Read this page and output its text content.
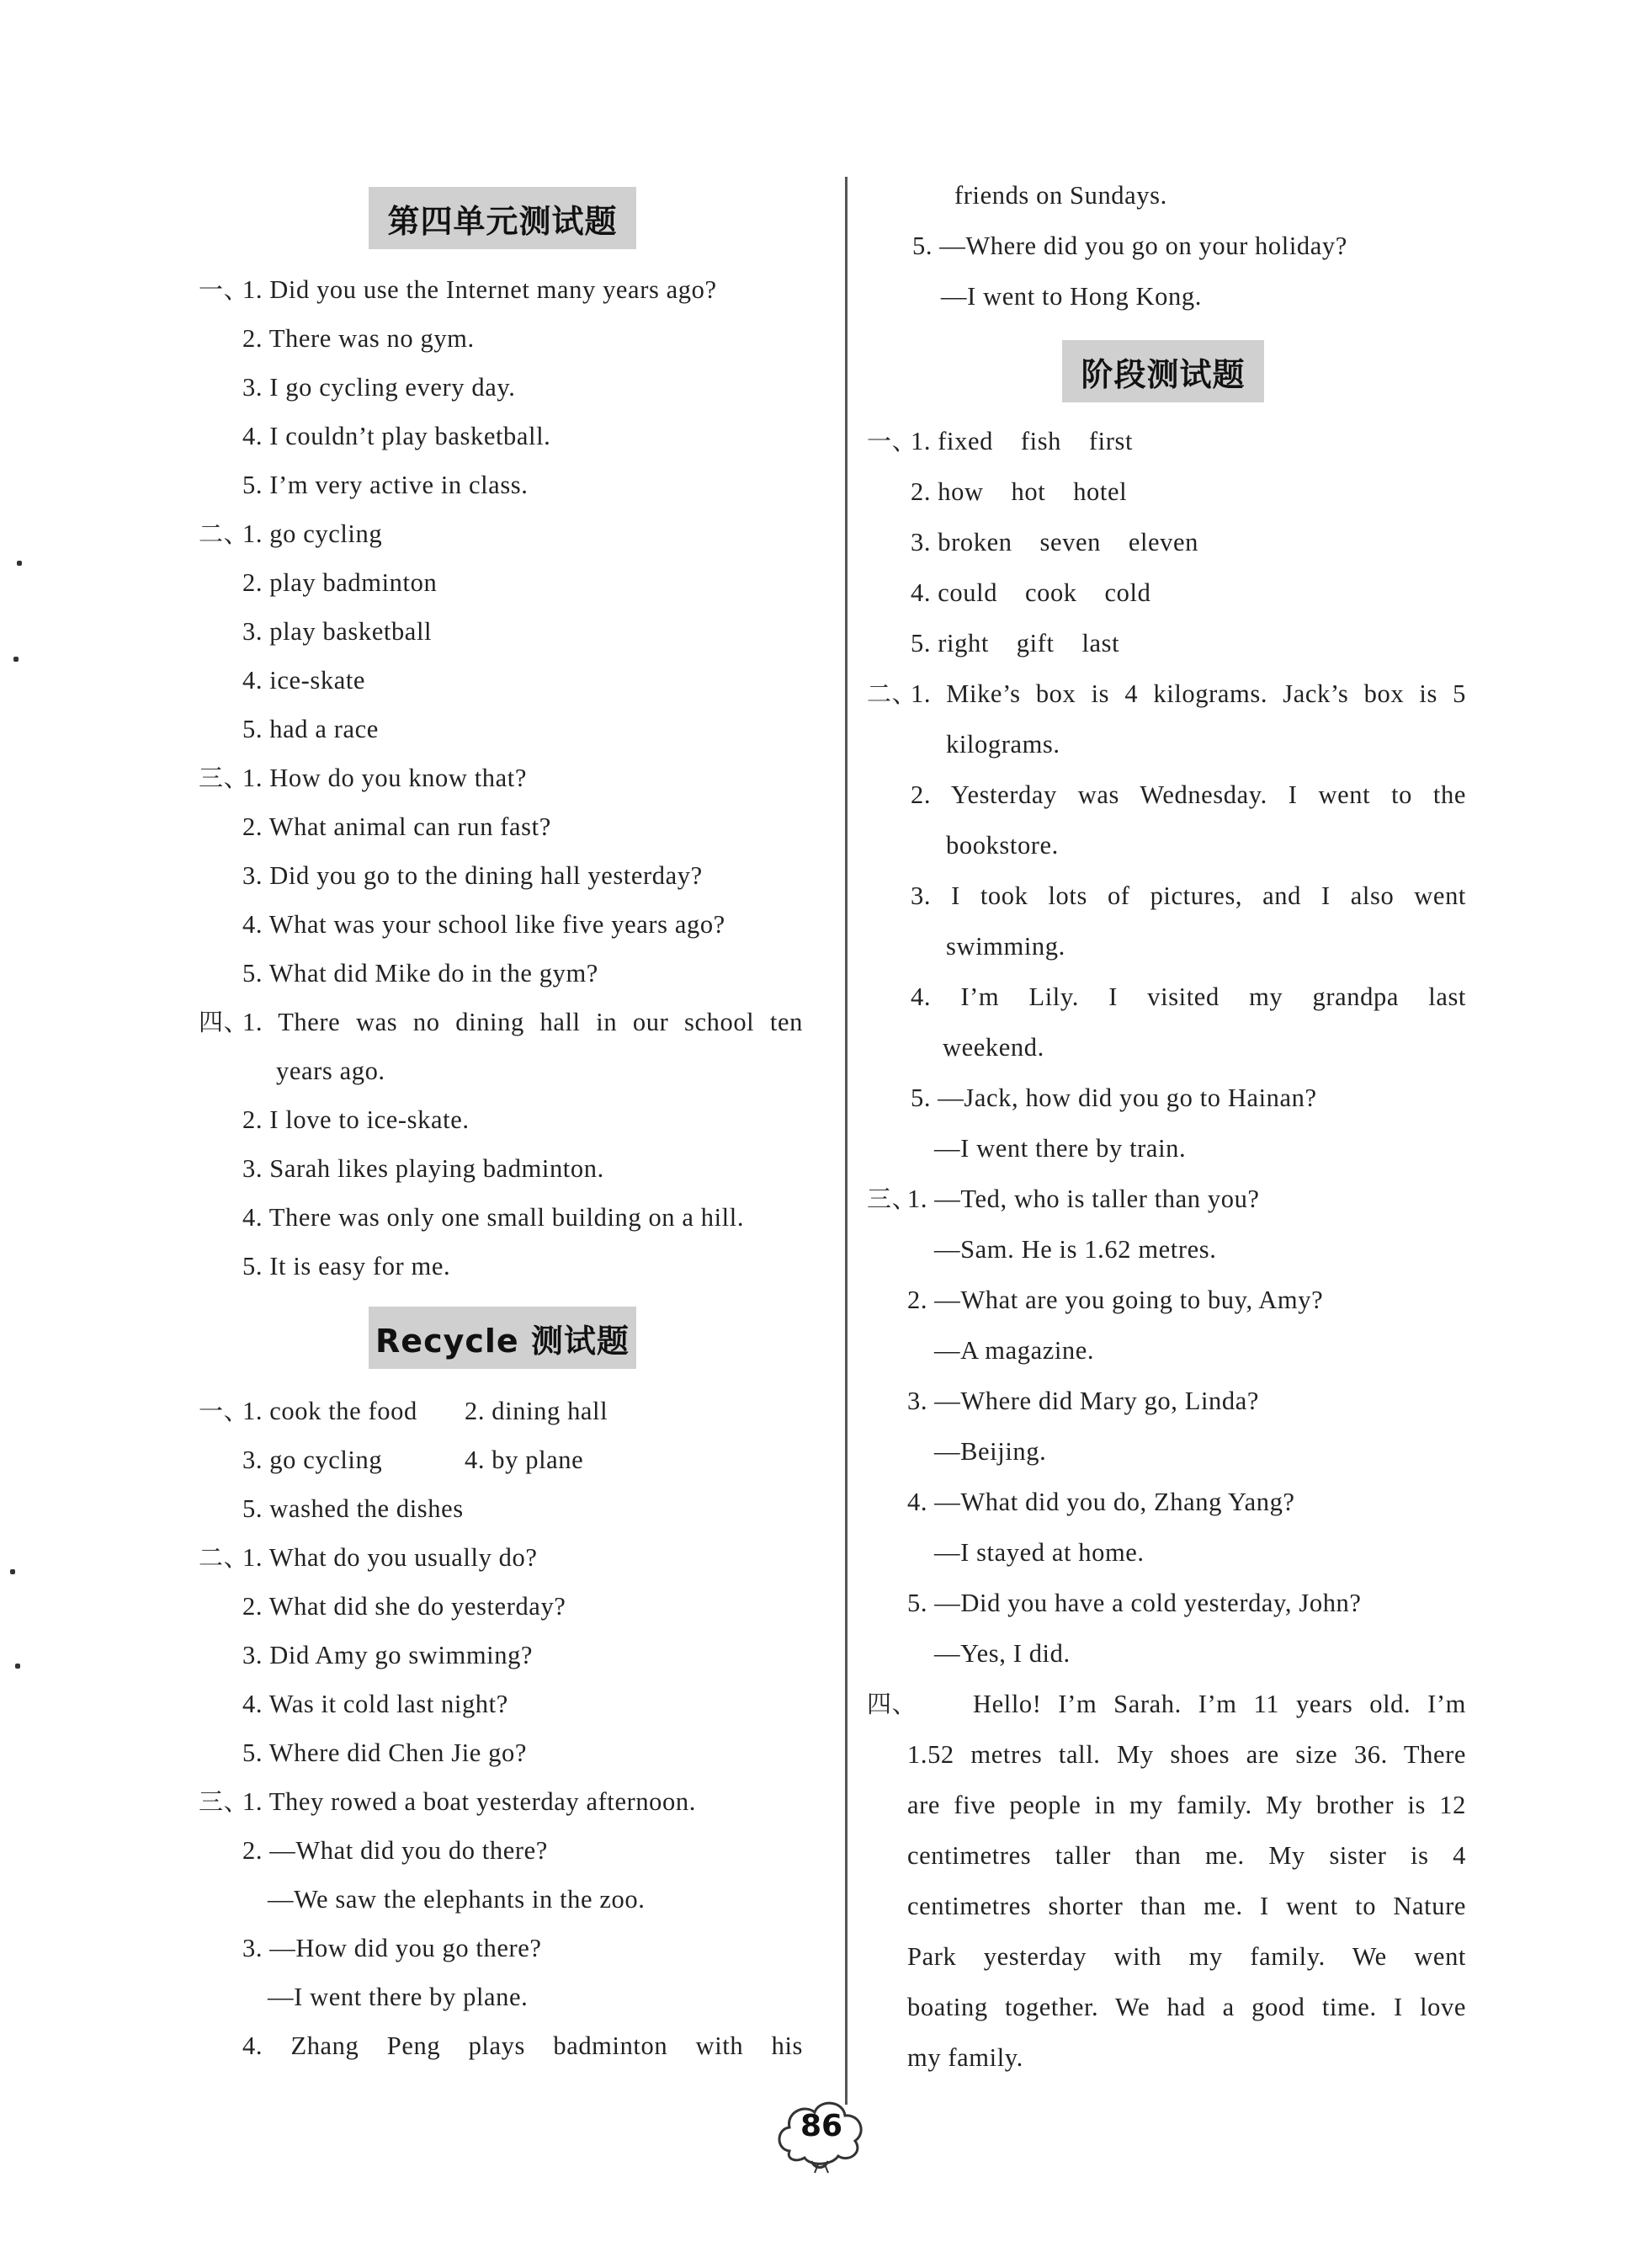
第四单元测试题
一、
1. Did you use the Internet many years ago?
2. There was no gym.
3. I go cycling every day.
4. I couldn’t play basketball.
5. I’m very active in class.
二、
1. go cycling
2. play badminton
3. play basketball
4. ice-skate
5. had a race
三、
1. How do you know that?
2. What animal can run fast?
3. Did you go to the dining hall yesterday?
4. What was your school like five years ago?
5. What did Mike do in the gym?
四、
1. There was no dining hall in our school ten
years ago.
2. I love to ice-skate.
3. Sarah likes playing badminton.
4. There was only one small building on a hill.
5. It is easy for me.
Recycle 测试题
一、
1. cook the food 2. dining hall
3. go cycling	4. by plane
5. washed the dishes
二、
1. What do you usually do?
2. What did she do yesterday?
3. Did Amy go swimming?
4. Was it cold last night?
5. Where did Chen Jie go?
三、
1. They rowed a boat yesterday afternoon.
2. —What did you do there?
—We saw the elephants in the zoo.
3. —How did you go there?
—I went there by plane.
4. Zhang Peng plays badminton with his
friends on Sundays.
5. —Where did you go on your holiday?
—I went to Hong Kong.
阶段测试题
一、
1. fixed    fish    first
2. how    hot    hotel
3. broken    seven    eleven
4. could    cook    cold
5. right    gift    last
二、
1. Mike’s box is 4 kilograms. Jack’s box is 5
kilograms.
2. Yesterday was Wednesday. I went to the
bookstore.
3. I took lots of pictures, and I also went
swimming.
4. I’m Lily. I visited my grandpa last
weekend.
5. —Jack, how did you go to Hainan?
—I went there by train.
三、
1. —Ted, who is taller than you?
—Sam. He is 1.62 metres.
2. —What are you going to buy, Amy?
—A magazine.
3. —Where did Mary go, Linda?
—Beijing.
4. —What did you do, Zhang Yang?
—I stayed at home.
5. —Did you have a cold yesterday, John?
—Yes, I did.
四、 Hello! I’m Sarah. I’m 11 years old. I’m
1.52 metres tall. My shoes are size 36. There
are five people in my family. My brother is 12
centimetres taller than me. My sister is 4
centimetres shorter than me. I went to Nature
Park yesterday with my family. We went
boating together. We had a good time. I love
my family.
86
